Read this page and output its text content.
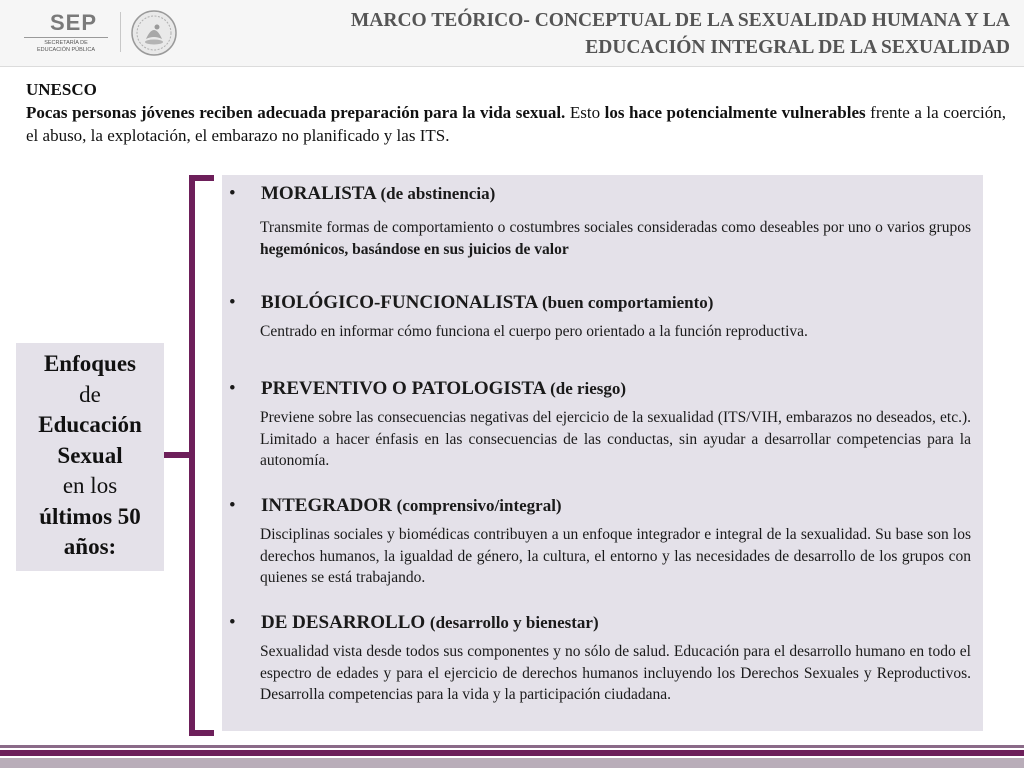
SEP
SECRETARÍA DE
EDUCACIÓN PÚBLICA
MARCO TEÓRICO- CONCEPTUAL DE LA SEXUALIDAD HUMANA Y LA EDUCACIÓN INTEGRAL DE LA SEXUALIDAD

UNESCO

Pocas personas jóvenes reciben adecuada preparación para la vida sexual. Esto los hace potencialmente vulnerables frente a la coerción, el abuso, la explotación, el embarazo no planificado y las ITS.

Enfoques
de
Educación
Sexual
en los
últimos 50
años:
• MORALISTA (de abstinencia)
Transmite formas de comportamiento o costumbres sociales consideradas como deseables por uno o varios grupos hegemónicos, basándose en sus juicios de valor
• BIOLÓGICO-FUNCIONALISTA (buen comportamiento)
Centrado en informar cómo funciona el cuerpo pero orientado a la función reproductiva.
• PREVENTIVO O PATOLOGISTA (de riesgo)
Previene sobre las consecuencias negativas del ejercicio de la sexualidad (ITS/VIH, embarazos no deseados, etc.). Limitado a hacer énfasis en las consecuencias de las conductas, sin ayudar a desarrollar competencias para la autonomía.
• INTEGRADOR (comprensivo/integral)
Disciplinas sociales y biomédicas contribuyen a un enfoque integrador e integral de la sexualidad. Su base son los derechos humanos, la igualdad de género, la cultura, el entorno y las necesidades de desarrollo de los grupos con quienes se está trabajando.
• DE DESARROLLO (desarrollo y bienestar)
Sexualidad vista desde todos sus componentes y no sólo de salud. Educación para el desarrollo humano en todo el espectro de edades y para el ejercicio de derechos humanos incluyendo los Derechos Sexuales y Reproductivos. Desarrolla competencias para la vida y la participación ciudadana.
